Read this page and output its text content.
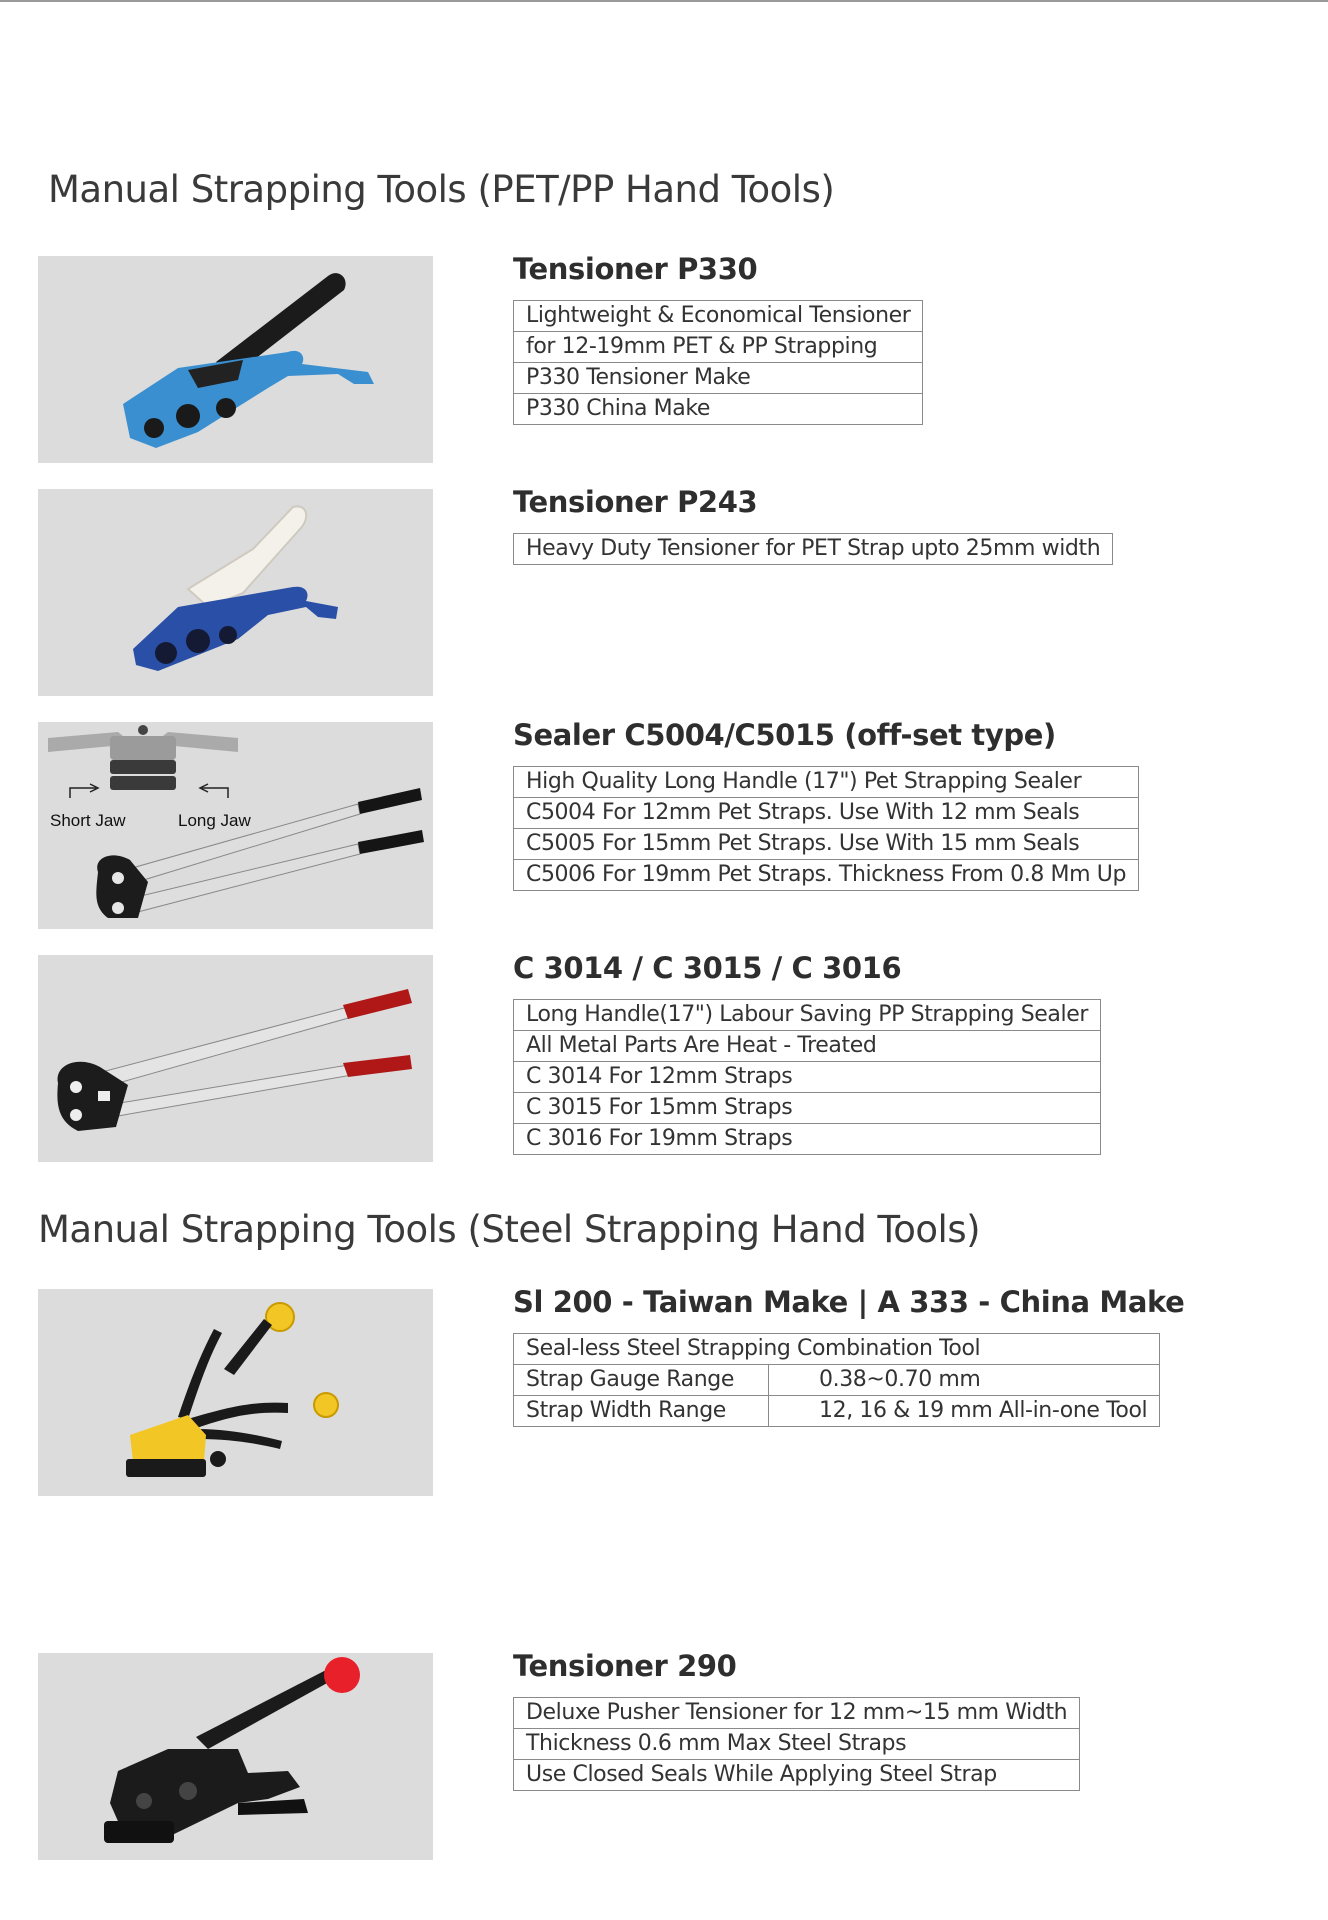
Manual Strapping Tools (PET/PP Hand Tools)
Tensioner P330
Lightweight & Economical Tensioner
for 12-19mm PET & PP Strapping
P330 Tensioner Make
P330 China Make
Tensioner P243
Heavy Duty Tensioner for PET Strap upto 25mm width
Short Jaw	Long Jaw
Sealer C5004/C5015 (off-set type)
High Quality Long Handle (17") Pet Strapping Sealer
C5004 For 12mm Pet Straps. Use With 12 mm Seals
C5005 For 15mm Pet Straps. Use With 15 mm Seals
C5006 For 19mm Pet Straps. Thickness From 0.8 Mm Up
C 3014 / C 3015 / C 3016
Long Handle(17") Labour Saving PP Strapping Sealer
All Metal Parts Are Heat - Treated
C 3014 For 12mm Straps
C 3015 For 15mm Straps
C 3016 For 19mm Straps
Manual Strapping Tools (Steel Strapping Hand Tools)
Sl 200 - Taiwan Make | A 333 - China Make
Seal-less Steel Strapping Combination Tool	
Strap Gauge Range	0.38~0.70 mm
Strap Width Range	12, 16 & 19 mm All-in-one Tool
Tensioner 290
Deluxe Pusher Tensioner for 12 mm~15 mm Width
Thickness 0.6 mm Max Steel Straps
Use Closed Seals While Applying Steel Strap
